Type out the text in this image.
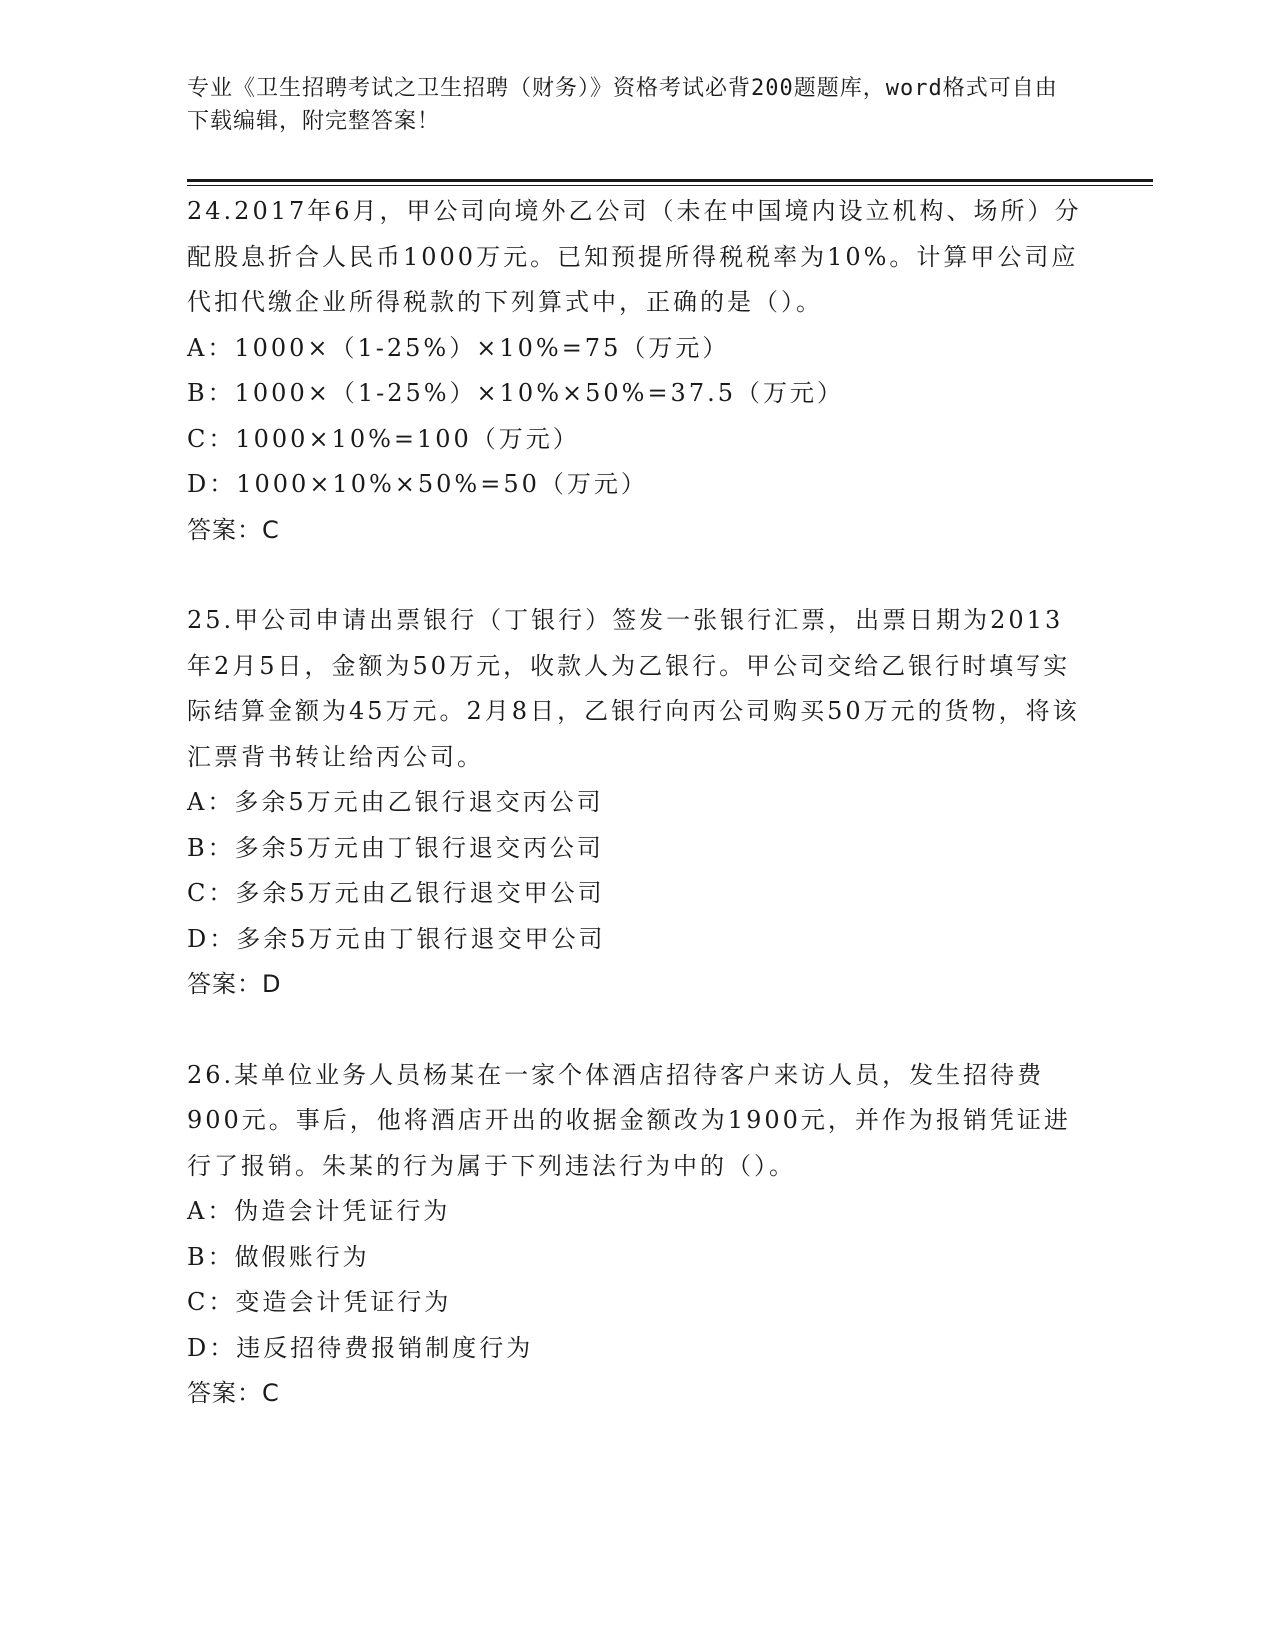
专业《卫生招聘考试之卫生招聘（财务）》资格考试必背200题题库，word格式可自由下载编辑，附完整答案！

24.2017年6月，甲公司向境外乙公司（未在中国境内设立机构、场所）分配股息折合人民币1000万元。已知预提所得税税率为10%。计算甲公司应代扣代缴企业所得税款的下列算式中，正确的是（）。

A：1000×（1-25%）×10%=75（万元）

B：1000×（1-25%）×10%×50%=37.5（万元）

C：1000×10%=100（万元）

D：1000×10%×50%=50（万元）

答案：C

25.甲公司申请出票银行（丁银行）签发一张银行汇票，出票日期为2013年2月5日，金额为50万元，收款人为乙银行。甲公司交给乙银行时填写实际结算金额为45万元。2月8日，乙银行向丙公司购买50万元的货物，将该汇票背书转让给丙公司。

A：多余5万元由乙银行退交丙公司

B：多余5万元由丁银行退交丙公司

C：多余5万元由乙银行退交甲公司

D：多余5万元由丁银行退交甲公司

答案：D

26.某单位业务人员杨某在一家个体酒店招待客户来访人员，发生招待费900元。事后，他将酒店开出的收据金额改为1900元，并作为报销凭证进行了报销。朱某的行为属于下列违法行为中的（）。

A：伪造会计凭证行为

B：做假账行为

C：变造会计凭证行为

D：违反招待费报销制度行为

答案：C
